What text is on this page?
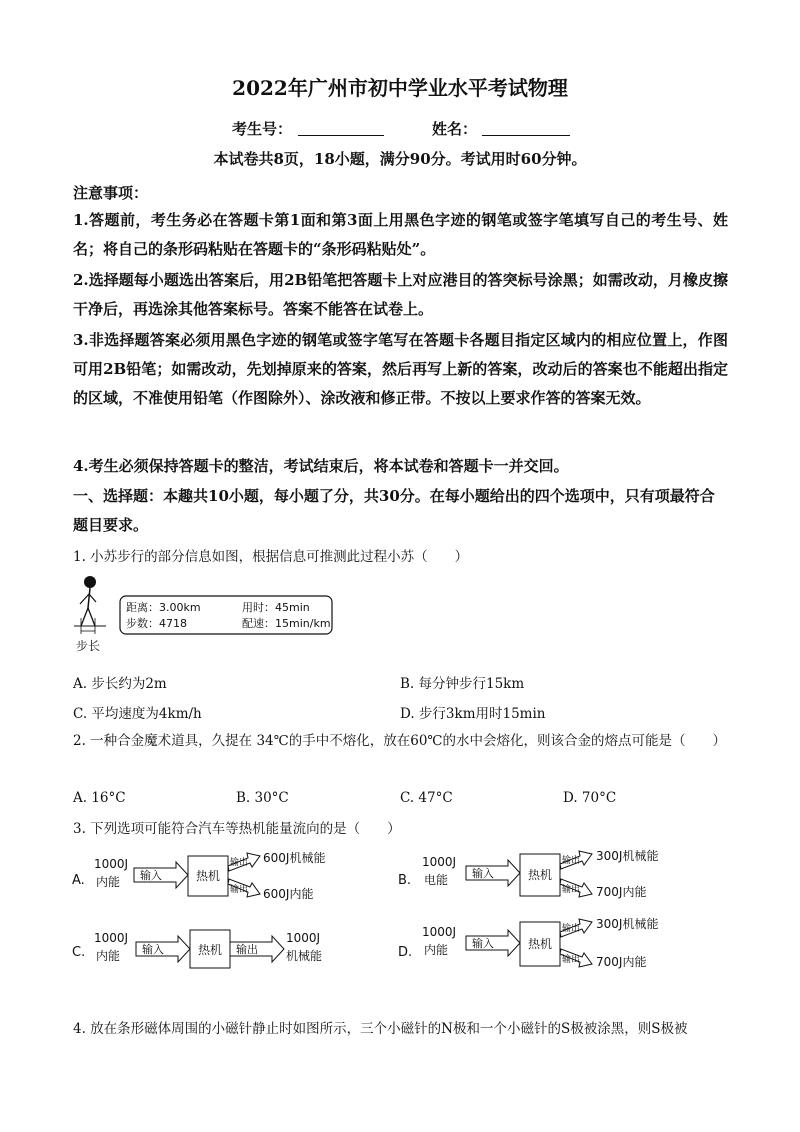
2022年广州市初中学业水平考试物理
考生号：	姓名：
本试卷共8页，18小题，满分90分。考试用时60分钟。
注意事项：
1.答题前，考生务必在答题卡第1面和第3面上用黑色字迹的钢笔或签字笔填写自己的考生号、姓名；将自己的条形码粘贴在答题卡的“条形码粘贴处”。
2.选择题每小题选出答案后，用2B铅笔把答题卡上对应港目的答突标号涂黑；如需改动，月橡皮擦干净后，再选涂其他答案标号。答案不能答在试卷上。
3.非选择题答案必须用黑色字迹的钢笔或签字笔写在答题卡各题目指定区域内的相应位置上，作图可用2B铅笔；如需改动，先划掉原来的答案，然后再写上新的答案，改动后的答案也不能超出指定的区域，不准使用铅笔（作图除外）、涂改液和修正带。不按以上要求作答的答案无效。
4.考生必须保持答题卡的整洁，考试结束后，将本试卷和答题卡一并交回。
一、选择题：本趣共10小题，每小题了分，共30分。在每小题给出的四个选项中，只有项最符合题目要求。
1. 小苏步行的部分信息如图，根据信息可推测此过程小苏（　　）
步长
距离：3.00km	用时：45min
步数：4718	配速：15min/km
A. 步长约为2m	B. 每分钟步行15km
C. 平均速度为4km/h	D. 步行3km用时15min
2. 一种合金魔术道具，久提在 34℃的手中不熔化，放在60℃的水中会熔化，则该合金的熔点可能是（　　）
A. 16°C	B. 30°C	C. 47°C	D. 70°C
3. 下列选项可能符合汽车等热机能量流向的是（　　）
A.
1000J
内能 输入	热机
输出
输出
600J机械能
600J内能
B.
1000J
电能 输入	热机
输出
输出
300J机械能
700J内能
C.
1000J
内能 输入	热机 输出
1000J
机械能	D.
1000J
内能 输入	热机
输出
输出
300J机械能
700J内能
4. 放在条形磁体周围的小磁针静止时如图所示，三个小磁针的N极和一个小磁针的S极被涂黑，则S极被
